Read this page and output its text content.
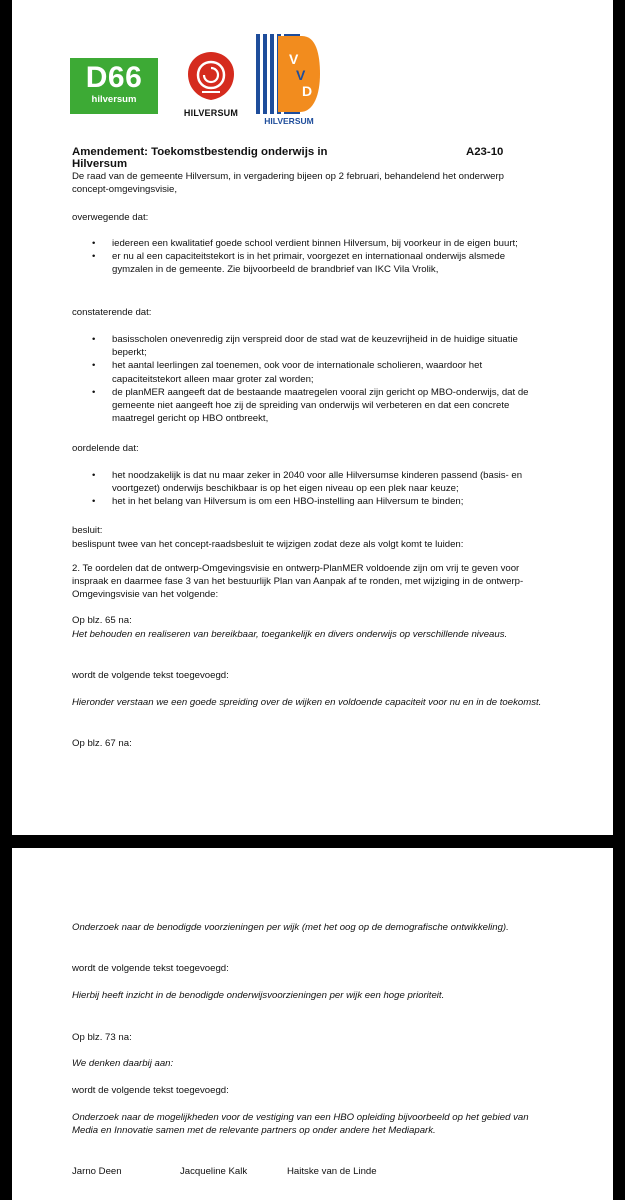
D66
hilversum
HILVERSUM
V
V
D
HILVERSUM
Amendement: Toekomstbestendig onderwijs in Hilversum
A23-10
De raad van de gemeente Hilversum, in vergadering bijeen op 2 februari, behandelend het onderwerp concept-omgevingsvisie,
overwegende dat:
• iedereen een kwalitatief goede school verdient binnen Hilversum, bij voorkeur in de eigen buurt;
• er nu al een capaciteitstekort is in het primair, voorgezet en internationaal onderwijs alsmede gymzalen in de gemeente. Zie bijvoorbeeld de brandbrief van IKC Vila Vrolik,
constaterende dat:
• basisscholen onevenredig zijn verspreid door de stad wat de keuzevrijheid in de huidige situatie beperkt;
• het aantal leerlingen zal toenemen, ook voor de internationale scholieren, waardoor het capaciteitstekort alleen maar groter zal worden;
• de planMER aangeeft dat de bestaande maatregelen vooral zijn gericht op MBO-onderwijs, dat de gemeente niet aangeeft hoe zij de spreiding van onderwijs wil verbeteren en dat een concrete maatregel gericht op HBO ontbreekt,
oordelende dat:
• het noodzakelijk is dat nu maar zeker in 2040 voor alle Hilversumse kinderen passend (basis- en voortgezet) onderwijs beschikbaar is op het eigen niveau op een plek naar keuze;
• het in het belang van Hilversum is om een HBO-instelling aan Hilversum te binden;
besluit:
beslispunt twee van het concept-raadsbesluit te wijzigen zodat deze als volgt komt te luiden:
2. Te oordelen dat de ontwerp-Omgevingsvisie en ontwerp-PlanMER voldoende zijn om vrij te geven voor inspraak en daarmee fase 3 van het bestuurlijk Plan van Aanpak af te ronden, met wijziging in de ontwerp-Omgevingsvisie van het volgende:
Op blz. 65 na:
Het behouden en realiseren van bereikbaar, toegankelijk en divers onderwijs op verschillende niveaus.
wordt de volgende tekst toegevoegd:
Hieronder verstaan we een goede spreiding over de wijken en voldoende capaciteit voor nu en in de toekomst.
Op blz. 67 na:
Onderzoek naar de benodigde voorzieningen per wijk (met het oog op de demografische ontwikkeling).
wordt de volgende tekst toegevoegd:
Hierbij heeft inzicht in de benodigde onderwijsvoorzieningen per wijk een hoge prioriteit.
Op blz. 73 na:
We denken daarbij aan:
wordt de volgende tekst toegevoegd:
Onderzoek naar de mogelijkheden voor de vestiging van een HBO opleiding bijvoorbeeld op het gebied van Media en Innovatie samen met de relevante partners op onder andere het Mediapark.
Jarno Deen	Jacqueline Kalk	Haitske van de Linde
